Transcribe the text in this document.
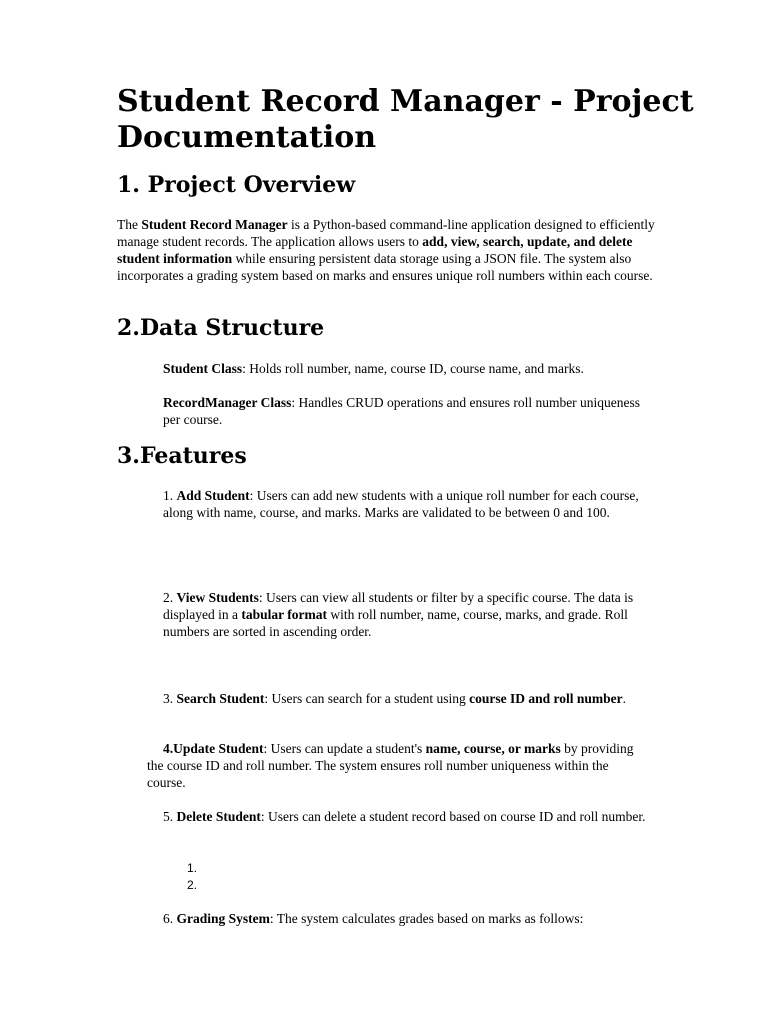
Student Record Manager - Project Documentation
1. Project Overview

The Student Record Manager is a Python-based command-line application designed to efficiently manage student records. The application allows users to add, view, search, update, and delete student information while ensuring persistent data storage using a JSON file. The system also incorporates a grading system based on marks and ensures unique roll numbers within each course.

2.Data Structure

Student Class: Holds roll number, name, course ID, course name, and marks.

RecordManager Class: Handles CRUD operations and ensures roll number uniqueness per course.

3.Features

1. Add Student: Users can add new students with a unique roll number for each course, along with name, course, and marks. Marks are validated to be between 0 and 100.

2. View Students: Users can view all students or filter by a specific course. The data is displayed in a tabular format with roll number, name, course, marks, and grade. Roll numbers are sorted in ascending order.

3. Search Student: Users can search for a student using course ID and roll number.

4.Update Student: Users can update a student's name, course, or marks by providing the course ID and roll number. The system ensures roll number uniqueness within the course.

5. Delete Student: Users can delete a student record based on course ID and roll number.

1.
2.

6. Grading System: The system calculates grades based on marks as follows:
